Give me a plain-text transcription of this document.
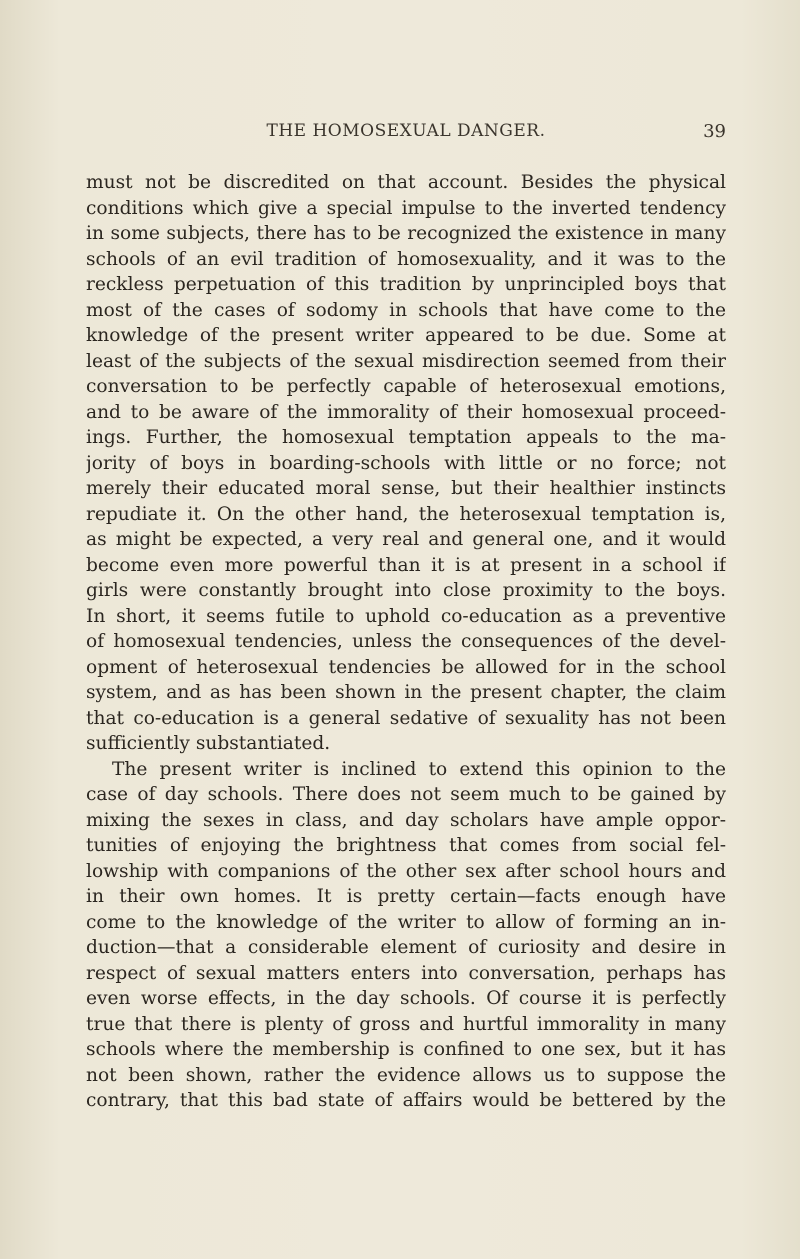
THE HOMOSEXUAL DANGER.	39
must not be discredited on that account. Besides the physical
conditions which give a special impulse to the inverted tendency
in some subjects, there has to be recognized the existence in many
schools of an evil tradition of homosexuality, and it was to the
reckless perpetuation of this tradition by unprincipled boys that
most of the cases of sodomy in schools that have come to the
knowledge of the present writer appeared to be due. Some at
least of the subjects of the sexual misdirection seemed from their
conversation to be perfectly capable of heterosexual emotions,
and to be aware of the immorality of their homosexual proceed-
ings. Further, the homosexual temptation appeals to the ma-
jority of boys in boarding-schools with little or no force; not
merely their educated moral sense, but their healthier instincts
repudiate it. On the other hand, the heterosexual temptation is,
as might be expected, a very real and general one, and it would
become even more powerful than it is at present in a school if
girls were constantly brought into close proximity to the boys.
In short, it seems futile to uphold co-education as a preventive
of homosexual tendencies, unless the consequences of the devel-
opment of heterosexual tendencies be allowed for in the school
system, and as has been shown in the present chapter, the claim
that co-education is a general sedative of sexuality has not been
sufficiently substantiated.
The present writer is inclined to extend this opinion to the
case of day schools. There does not seem much to be gained by
mixing the sexes in class, and day scholars have ample oppor-
tunities of enjoying the brightness that comes from social fel-
lowship with companions of the other sex after school hours and
in their own homes. It is pretty certain—facts enough have
come to the knowledge of the writer to allow of forming an in-
duction—that a considerable element of curiosity and desire in
respect of sexual matters enters into conversation, perhaps has
even worse effects, in the day schools. Of course it is perfectly
true that there is plenty of gross and hurtful immorality in many
schools where the membership is confined to one sex, but it has
not been shown, rather the evidence allows us to suppose the
contrary, that this bad state of affairs would be bettered by the
